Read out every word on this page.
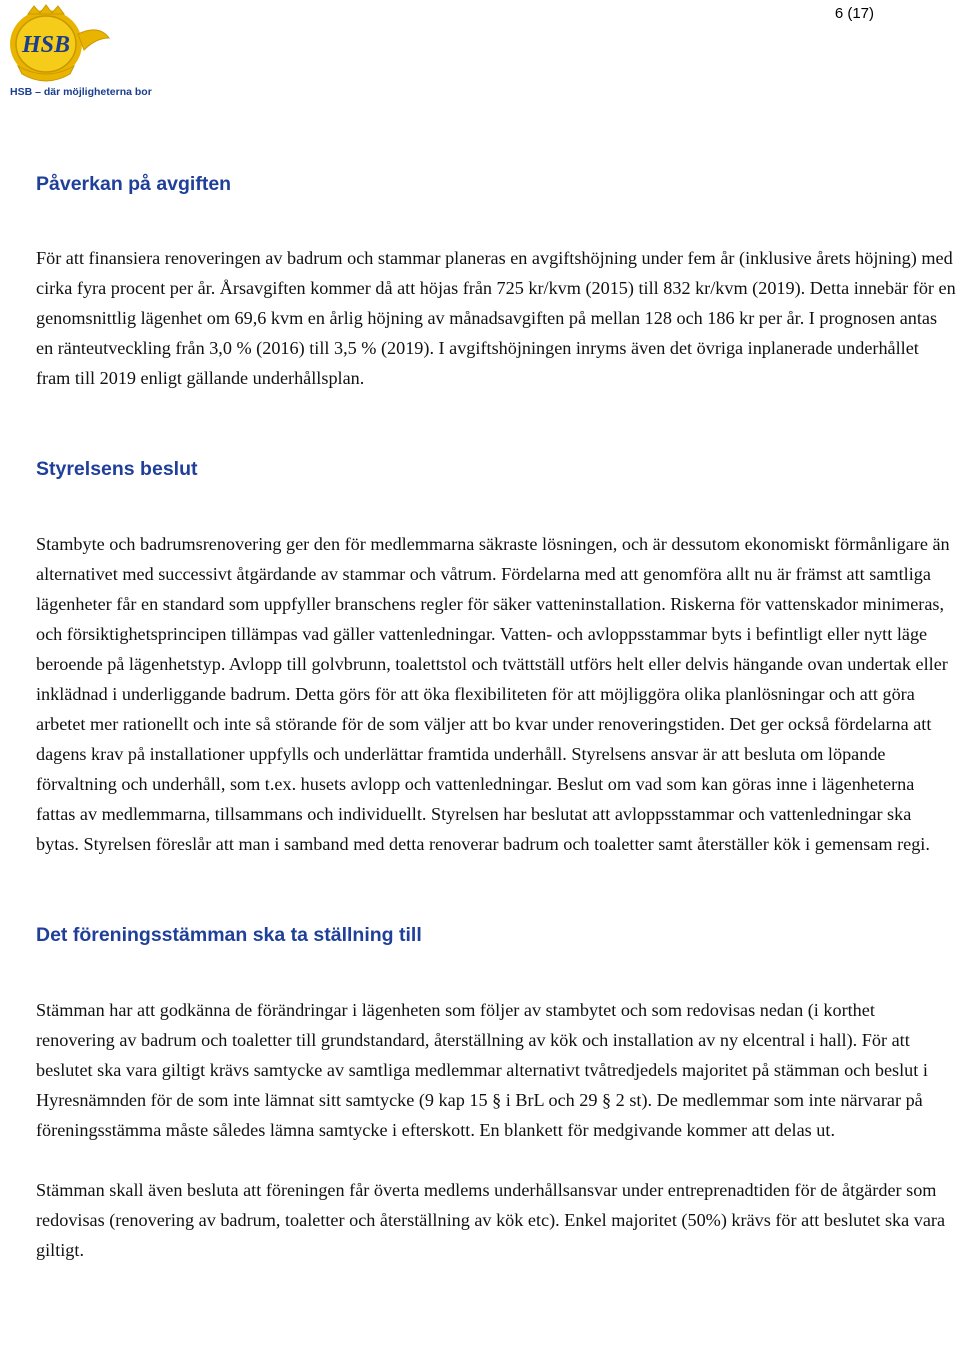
6 (17)
HSB
HSB – där möjligheterna bor
Påverkan på avgiften

För att finansiera renoveringen av badrum och stammar planeras en avgiftshöjning under fem år (inklusive årets höjning) med cirka fyra procent per år. Årsavgiften kommer då att höjas från 725 kr/kvm (2015) till 832 kr/kvm (2019). Detta innebär för en genomsnittlig lägenhet om 69,6 kvm en årlig höjning av månadsavgiften på mellan 128 och 186 kr per år. I prognosen antas en ränteutveckling från 3,0 % (2016) till 3,5 % (2019). I avgiftshöjningen inryms även det övriga inplanerade underhållet fram till 2019 enligt gällande underhållsplan.

Styrelsens beslut

Stambyte och badrumsrenovering ger den för medlemmarna säkraste lösningen, och är dessutom ekonomiskt förmånligare än alternativet med successivt åtgärdande av stammar och våtrum. Fördelarna med att genomföra allt nu är främst att samtliga lägenheter får en standard som uppfyller branschens regler för säker vatteninstallation. Riskerna för vattenskador minimeras, och försiktighetsprincipen tillämpas vad gäller vattenledningar. Vatten- och avloppsstammar byts i befintligt eller nytt läge beroende på lägenhetstyp. Avlopp till golvbrunn, toalettstol och tvättställ utförs helt eller delvis hängande ovan undertak eller inklädnad i underliggande badrum. Detta görs för att öka flexibiliteten för att möjliggöra olika planlösningar och att göra arbetet mer rationellt och inte så störande för de som väljer att bo kvar under renoveringstiden. Det ger också fördelarna att dagens krav på installationer uppfylls och underlättar framtida underhåll. Styrelsens ansvar är att besluta om löpande förvaltning och underhåll, som t.ex. husets avlopp och vattenledningar. Beslut om vad som kan göras inne i lägenheterna fattas av medlemmarna, tillsammans och individuellt. Styrelsen har beslutat att avloppsstammar och vattenledningar ska bytas. Styrelsen föreslår att man i samband med detta renoverar badrum och toaletter samt återställer kök i gemensam regi.

Det föreningsstämman ska ta ställning till

Stämman har att godkänna de förändringar i lägenheten som följer av stambytet och som redovisas nedan (i korthet renovering av badrum och toaletter till grundstandard, återställning av kök och installation av ny elcentral i hall). För att beslutet ska vara giltigt krävs samtycke av samtliga medlemmar alternativt tvåtredjedels majoritet på stämman och beslut i Hyresnämnden för de som inte lämnat sitt samtycke (9 kap 15 § i BrL och 29 § 2 st). De medlemmar som inte närvarar på föreningsstämma måste således lämna samtycke i efterskott. En blankett för medgivande kommer att delas ut.

Stämman skall även besluta att föreningen får överta medlems underhållsansvar under entreprenadtiden för de åtgärder som redovisas (renovering av badrum, toaletter och återställning av kök etc). Enkel majoritet (50%) krävs för att beslutet ska vara giltigt.
